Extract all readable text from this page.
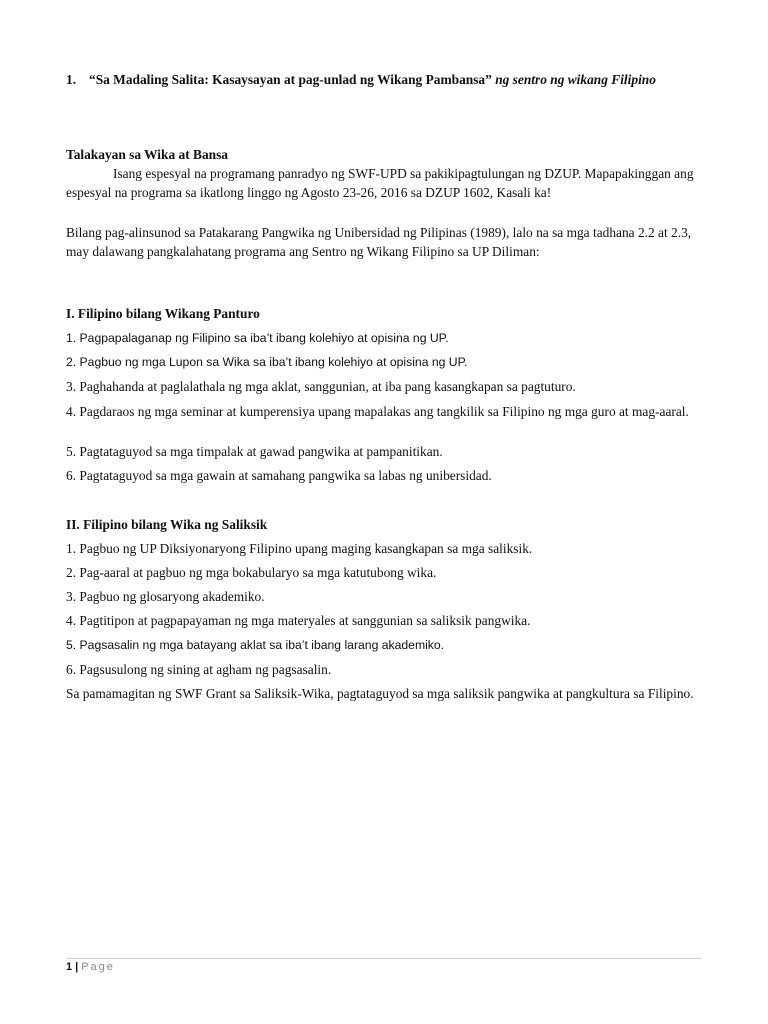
1. “Sa Madaling Salita: Kasaysayan at pag-unlad ng Wikang Pambansa” ng sentro ng wikang Filipino
Talakayan sa Wika at Bansa
Isang espesyal na programang panradyo ng SWF-UPD sa pakikipagtulungan ng DZUP. Mapapakinggan ang espesyal na programa sa ikatlong linggo ng Agosto 23-26, 2016 sa DZUP 1602, Kasali ka!
Bilang pag-alinsunod sa Patakarang Pangwika ng Unibersidad ng Pilipinas (1989), lalo na sa mga tadhana 2.2 at 2.3, may dalawang pangkalahatang programa ang Sentro ng Wikang Filipino sa UP Diliman:
I. Filipino bilang Wikang Panturo
1. Pagpapalaganap ng Filipino sa iba’t ibang kolehiyo at opisina ng UP.
2. Pagbuo ng mga Lupon sa Wika sa iba’t ibang kolehiyo at opisina ng UP.
3. Paghahanda at paglalathala ng mga aklat, sanggunian, at iba pang kasangkapan sa pagtuturo.
4. Pagdaraos ng mga seminar at kumperensiya upang mapalakas ang tangkilik sa Filipino ng mga guro at mag-aaral.
5. Pagtataguyod sa mga timpalak at gawad pangwika at pampanitikan.
6. Pagtataguyod sa mga gawain at samahang pangwika sa labas ng unibersidad.
II. Filipino bilang Wika ng Saliksik
1. Pagbuo ng UP Diksiyonaryong Filipino upang maging kasangkapan sa mga saliksik.
2. Pag-aaral at pagbuo ng mga bokabularyo sa mga katutubong wika.
3. Pagbuo ng glosaryong akademiko.
4. Pagtitipon at pagpapayaman ng mga materyales at sanggunian sa saliksik pangwika.
5. Pagsasalin ng mga batayang aklat sa iba’t ibang larang akademiko.
6. Pagsusulong ng sining at agham ng pagsasalin.
Sa pamamagitan ng SWF Grant sa Saliksik-Wika, pagtataguyod sa mga saliksik pangwika at pangkultura sa Filipino.
1 | Page
